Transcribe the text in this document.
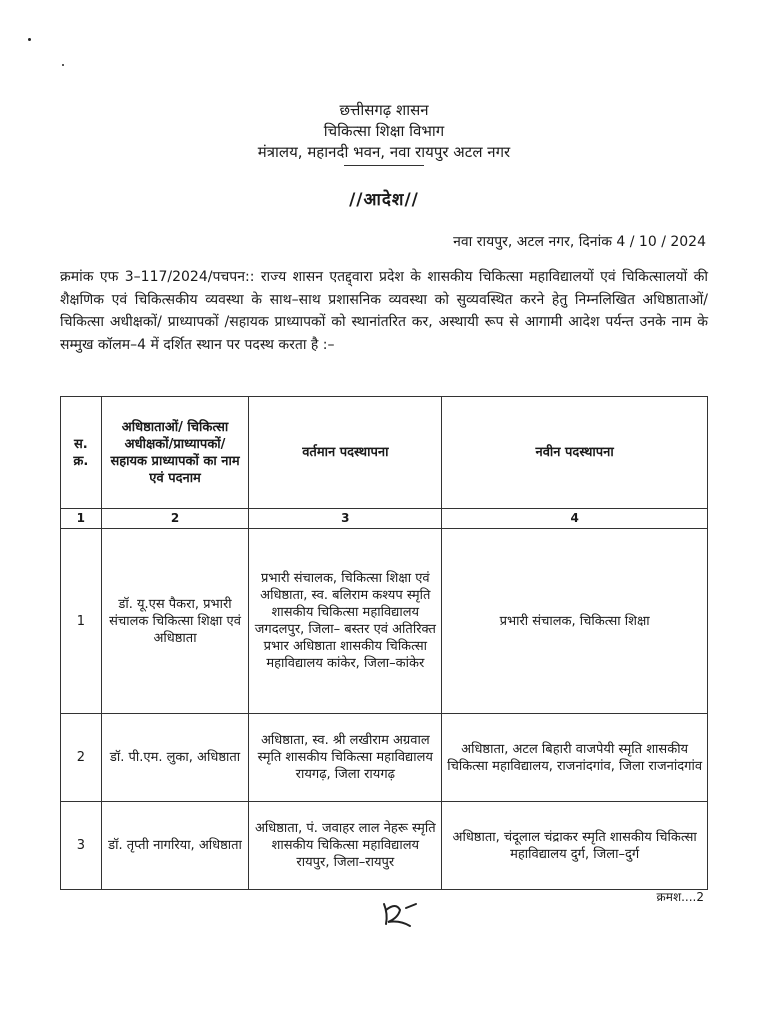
छत्तीसगढ़ शासन
चिकित्सा शिक्षा विभाग
मंत्रालय, महानदी भवन, नवा रायपुर अटल नगर
//आदेश//
नवा रायपुर, अटल नगर, दिनांक 4 / 10 / 2024
क्रमांक एफ 3–117/2024/पचपन:: राज्य शासन एतद्द्वारा प्रदेश के शासकीय चिकित्सा महाविद्यालयों एवं चिकित्सालयों की शैक्षणिक एवं चिकित्सकीय व्यवस्था के साथ–साथ प्रशासनिक व्यवस्था को सुव्यवस्थित करने हेतु निम्नलिखित अधिष्ठाताओं/ चिकित्सा अधीक्षकों/ प्राध्यापकों /सहायक प्राध्यापकों को स्थानांतरित कर, अस्थायी रूप से आगामी आदेश पर्यन्त उनके नाम के सम्मुख कॉलम–4 में दर्शित स्थान पर पदस्थ करता है :–
स. क्र.	अधिष्ठाताओं/ चिकित्सा अधीक्षकों/प्राध्यापकों/ सहायक प्राध्यापकों का नाम एवं पदनाम	वर्तमान पदस्थापना	नवीन पदस्थापना
1	2	3	4
1	डॉ. यू.एस पैकरा, प्रभारी संचालक चिकित्सा शिक्षा एवं अधिष्ठाता	प्रभारी संचालक, चिकित्सा शिक्षा एवं अधिष्ठाता, स्व. बलिराम कश्यप स्मृति शासकीय चिकित्सा महाविद्यालय जगदलपुर, जिला– बस्तर एवं अतिरिक्त प्रभार अधिष्ठाता शासकीय चिकित्सा महाविद्यालय कांकेर, जिला–कांकेर	प्रभारी संचालक, चिकित्सा शिक्षा
2	डॉ. पी.एम. लुका, अधिष्ठाता	अधिष्ठाता, स्व. श्री लखीराम अग्रवाल स्मृति शासकीय चिकित्सा महाविद्यालय रायगढ़, जिला रायगढ़	अधिष्ठाता, अटल बिहारी वाजपेयी स्मृति शासकीय चिकित्सा महाविद्यालय, राजनांदगांव, जिला राजनांदगांव
3	डॉ. तृप्ती नागरिया, अधिष्ठाता	अधिष्ठाता, पं. जवाहर लाल नेहरू स्मृति शासकीय चिकित्सा महाविद्यालय रायपुर, जिला–रायपुर	अधिष्ठाता, चंदूलाल चंद्राकर स्मृति शासकीय चिकित्सा महाविद्यालय दुर्ग, जिला–दुर्ग
क्रमश....2
